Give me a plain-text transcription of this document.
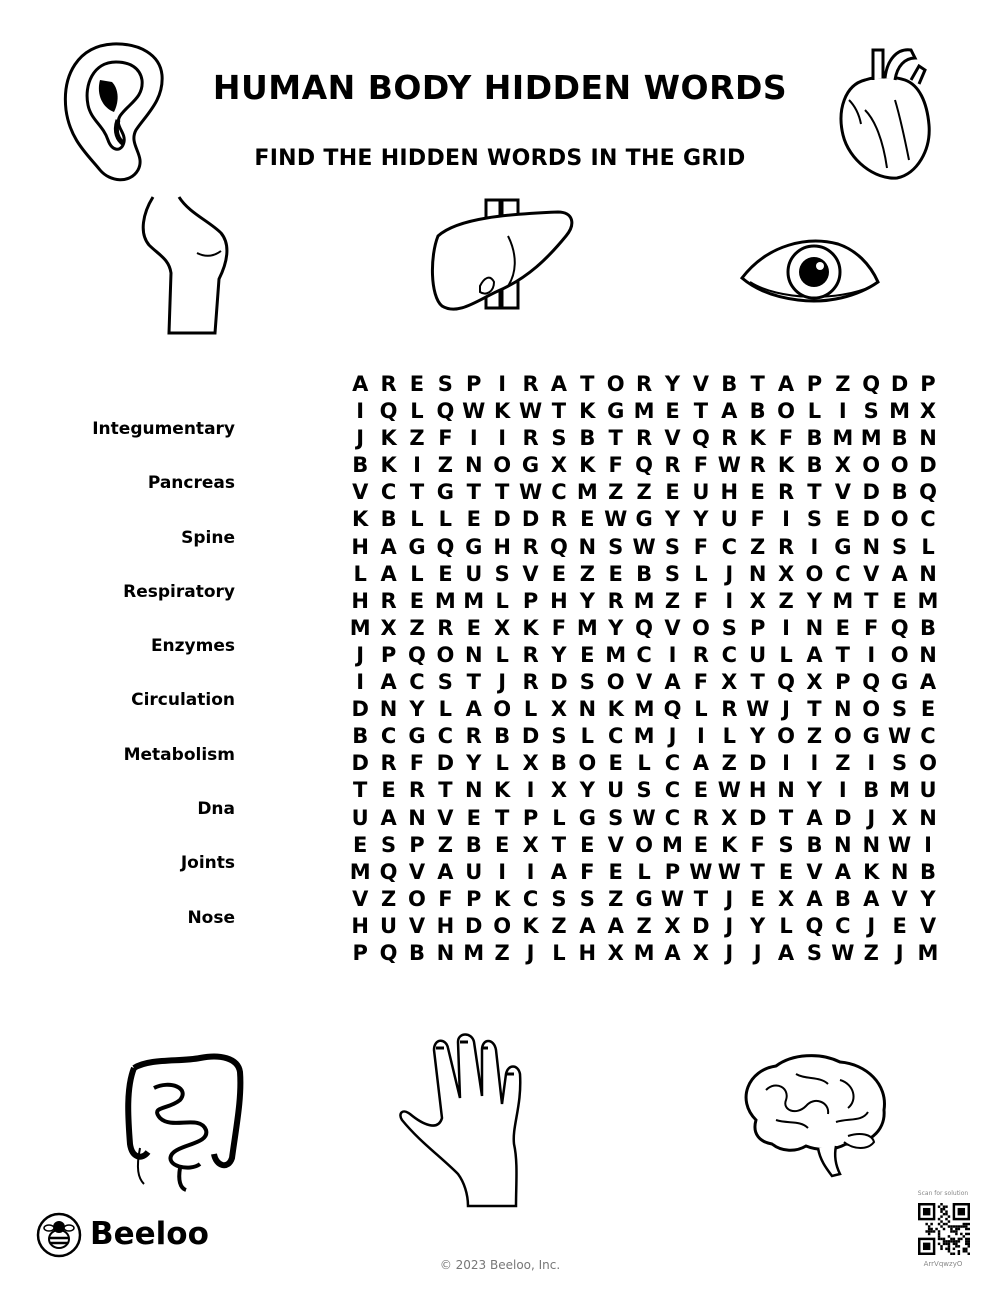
HUMAN BODY HIDDEN WORDS
FIND THE HIDDEN WORDS IN THE GRID
Integumentary
Pancreas
Spine
Respiratory
Enzymes
Circulation
Metabolism
Dna
Joints
Nose
A R E S P I R A T O R Y V B T A P Z Q D P
I Q L Q W K W T K G M E T A B O L I S M X
J K Z F I I R S B T R V Q R K F B M M B N
B K I Z N O G X K F Q R F W R K B X O O D
V C T G T T W C M Z Z E U H E R T V D B Q
K B L L E D D R E W G Y Y U F I S E D O C
H A G Q G H R Q N S W S F C Z R I G N S L
L A L E U S V E Z E B S L J N X O C V A N
H R E M M L P H Y R M Z F I X Z Y M T E M
M X Z R E X K F M Y Q V O S P I N E F Q B
J P Q O N L R Y E M C I R C U L A T I O N
I A C S T J R D S O V A F X T Q X P Q G A
D N Y L A O L X N K M Q L R W J T N O S E
B C G C R B D S L C M J I L Y O Z O G W C
D R F D Y L X B O E L C A Z D I I Z I S O
T E R T N K I X Y U S C E W H N Y I B M U
U A N V E T P L G S W C R X D T A D J X N
E S P Z B E X T E V O M E K F S B N N W I
M Q V A U I I A F E L P W W T E V A K N B
V Z O F P K C S S Z G W T J E X A B A V Y
H U V H D O K Z A A Z X D J Y L Q C J E V
P Q B N M Z J L H X M A X J J A S W Z J M
Beeloo
© 2023 Beeloo, Inc.
Scan for solution
ArrVqwzyO
